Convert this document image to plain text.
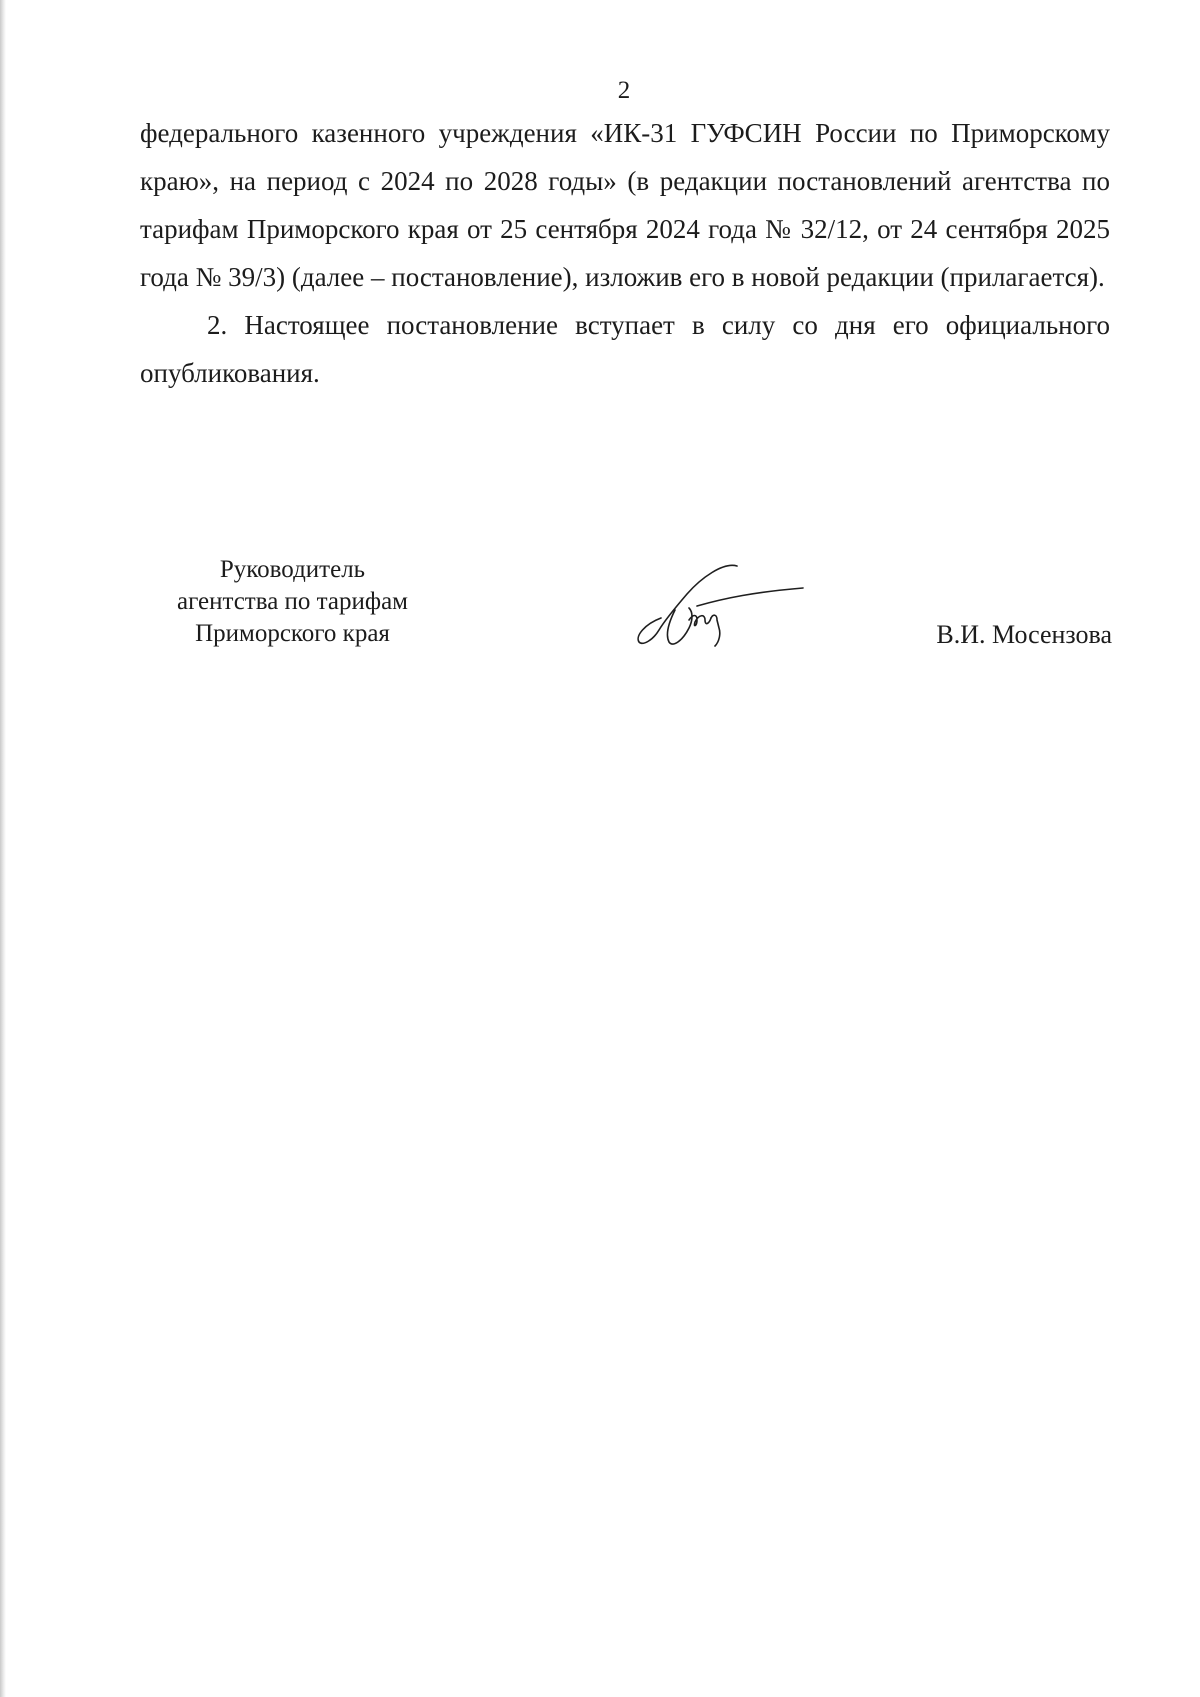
2

федерального казенного учреждения «ИК-31 ГУФСИН России по Приморскому краю», на период с 2024 по 2028 годы» (в редакции постановлений агентства по тарифам Приморского края от 25 сентября 2024 года № 32/12, от 24 сентября 2025 года № 39/3) (далее – постановление), изложив его в новой редакции (прилагается).

2. Настоящее постановление вступает в силу со дня его официального опубликования.

Руководитель
агентства по тарифам
Приморского края	В.И. Мосензова
